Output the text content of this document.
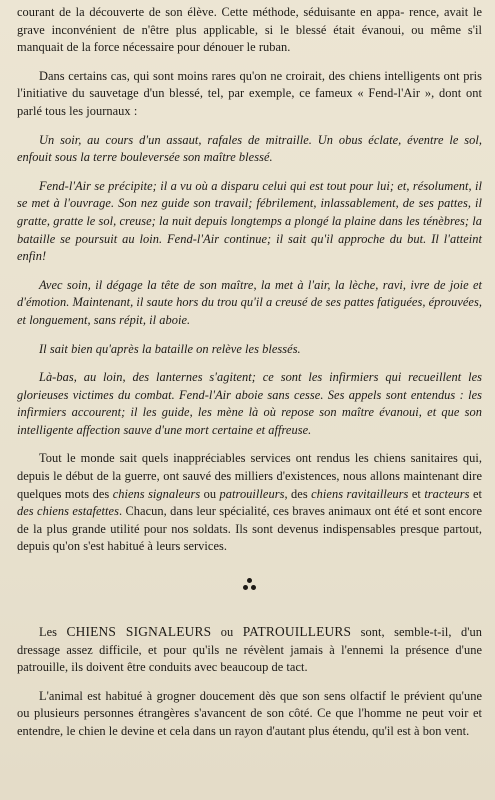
courant de la découverte de son élève. Cette méthode, séduisante en appa- rence, avait le grave inconvénient de n'être plus applicable, si le blessé était évanoui, ou même s'il manquait de la force nécessaire pour dénouer le ruban.

Dans certains cas, qui sont moins rares qu'on ne croirait, des chiens intelligents ont pris l'initiative du sauvetage d'un blessé, tel, par exemple, ce fameux « Fend-l'Air », dont ont parlé tous les journaux :

Un soir, au cours d'un assaut, rafales de mitraille. Un obus éclate, éventre le sol, enfouit sous la terre bouleversée son maître blessé.

Fend-l'Air se précipite; il a vu où a disparu celui qui est tout pour lui; et, résolument, il se met à l'ouvrage. Son nez guide son travail; fébrilement, inlassablement, de ses pattes, il gratte, gratte le sol, creuse; la nuit depuis longtemps a plongé la plaine dans les ténèbres; la bataille se poursuit au loin. Fend-l'Air continue; il sait qu'il approche du but. Il l'atteint enfin!

Avec soin, il dégage la tête de son maître, la met à l'air, la lèche, ravi, ivre de joie et d'émotion. Maintenant, il saute hors du trou qu'il a creusé de ses pattes fatiguées, éprouvées, et longuement, sans répit, il aboie.

Il sait bien qu'après la bataille on relève les blessés.

Là-bas, au loin, des lanternes s'agitent; ce sont les infirmiers qui recueillent les glorieuses victimes du combat. Fend-l'Air aboie sans cesse. Ses appels sont entendus : les infirmiers accourent; il les guide, les mène là où repose son maître évanoui, et que son intelligente affection sauve d'une mort certaine et affreuse.

Tout le monde sait quels inappréciables services ont rendus les chiens sanitaires qui, depuis le début de la guerre, ont sauvé des milliers d'existences, nous allons maintenant dire quelques mots des chiens signaleurs ou patrouilleurs, des chiens ravitailleurs et tracteurs et des chiens estafettes. Chacun, dans leur spécialité, ces braves animaux ont été et sont encore de la plus grande utilité pour nos soldats. Ils sont devenus indispensables presque partout, depuis qu'on s'est habitué à leurs services.

Les CHIENS SIGNALEURS ou PATROUILLEURS sont, semble-t-il, d'un dressage assez difficile, et pour qu'ils ne révèlent jamais à l'ennemi la présence d'une patrouille, ils doivent être conduits avec beaucoup de tact.

L'animal est habitué à grogner doucement dès que son sens olfactif le prévient qu'une ou plusieurs personnes étrangères s'avancent de son côté. Ce que l'homme ne peut voir et entendre, le chien le devine et cela dans un rayon d'autant plus étendu, qu'il est à bon vent.
